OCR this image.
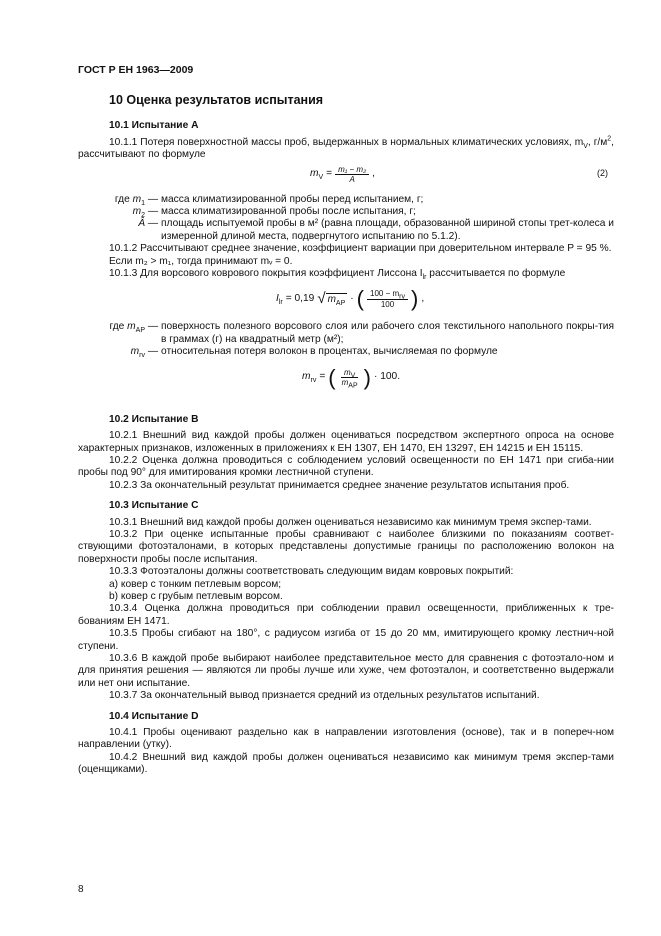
ГОСТ Р ЕН 1963—2009
10 Оценка результатов испытания
10.1 Испытание А

10.1.1 Потеря поверхностной массы проб, выдержанных в нормальных климатических условиях, $m_V$, $г/м^2$, рассчитывают по формуле

$m_V = \frac{\text{m₁ − m₂}}{A}$ ,	(2)
где $m_1$ — масса климатизированной пробы перед испытанием, г;
$m_2$ — масса климатизированной пробы после испытания, г;
Â — площадь испытуемой пробы в м² (равна площади, образованной шириной стопы трет-колеса и измеренной длиной места, подвергнутого испытанию по 5.1.2).

10.1.2 Рассчитывают среднее значение, коэффициент вариации при доверительном интервале P = 95 %.

Если m₂ > m₁, тогда принимают mᵥ = 0.

10.1.3 Для ворсового коврового покрытия коэффициент Лиссона $I_{lr}$ рассчитывается по формуле

$I_{lr} = 0,19$ √ $m_{AP}$ · ( $\frac{100 - m_{rv}}{100}$ ) ,
где $m_{AP}$ — поверхность полезного ворсового слоя или рабочего слоя текстильного напольного покры-тия в граммах (г) на квадратный метр (м²);
$m_{rv}$ — относительная потеря волокон в процентах, вычисляемая по формуле
$m_{rv}$ = ( $\frac{m_V}{m_{AP}}$ ) · 100.
10.2 Испытание В

10.2.1 Внешний вид каждой пробы должен оцениваться посредством экспертного опроса на основе характерных признаков, изложенных в приложениях к ЕН 1307, ЕН 1470, ЕН 13297, ЕН 14215 и ЕН 15115.

10.2.2 Оценка должна проводиться с соблюдением условий освещенности по ЕН 1471 при сгиба-нии пробы под 90° для имитирования кромки лестничной ступени.

10.2.3 За окончательный результат принимается среднее значение результатов испытания проб.

10.3 Испытание С

10.3.1 Внешний вид каждой пробы должен оцениваться независимо как минимум тремя экспер-тами.

10.3.2 При оценке испытанные пробы сравнивают с наиболее близкими по показаниям соответ-ствующими фотоэталонами, в которых представлены допустимые границы по расположению волокон на поверхности пробы после испытания.

10.3.3 Фотоэталоны должны соответствовать следующим видам ковровых покрытий:

a) ковер с тонким петлевым ворсом;

b) ковер с грубым петлевым ворсом.

10.3.4 Оценка должна проводиться при соблюдении правил освещенности, приближенных к тре-бованиям ЕН 1471.

10.3.5 Пробы сгибают на 180°, с радиусом изгиба от 15 до 20 мм, имитирующего кромку лестнич-ной ступени.

10.3.6 В каждой пробе выбирают наиболее представительное место для сравнения с фотоэтало-ном и для принятия решения — являются ли пробы лучше или хуже, чем фотоэталон, и соответственно выдержали или нет они испытание.

10.3.7 За окончательный вывод признается средний из отдельных результатов испытаний.

10.4 Испытание D

10.4.1 Пробы оценивают раздельно как в направлении изготовления (основе), так и в попереч-ном направлении (утку).

10.4.2 Внешний вид каждой пробы должен оцениваться независимо как минимум тремя экспер-тами (оценщиками).

8
